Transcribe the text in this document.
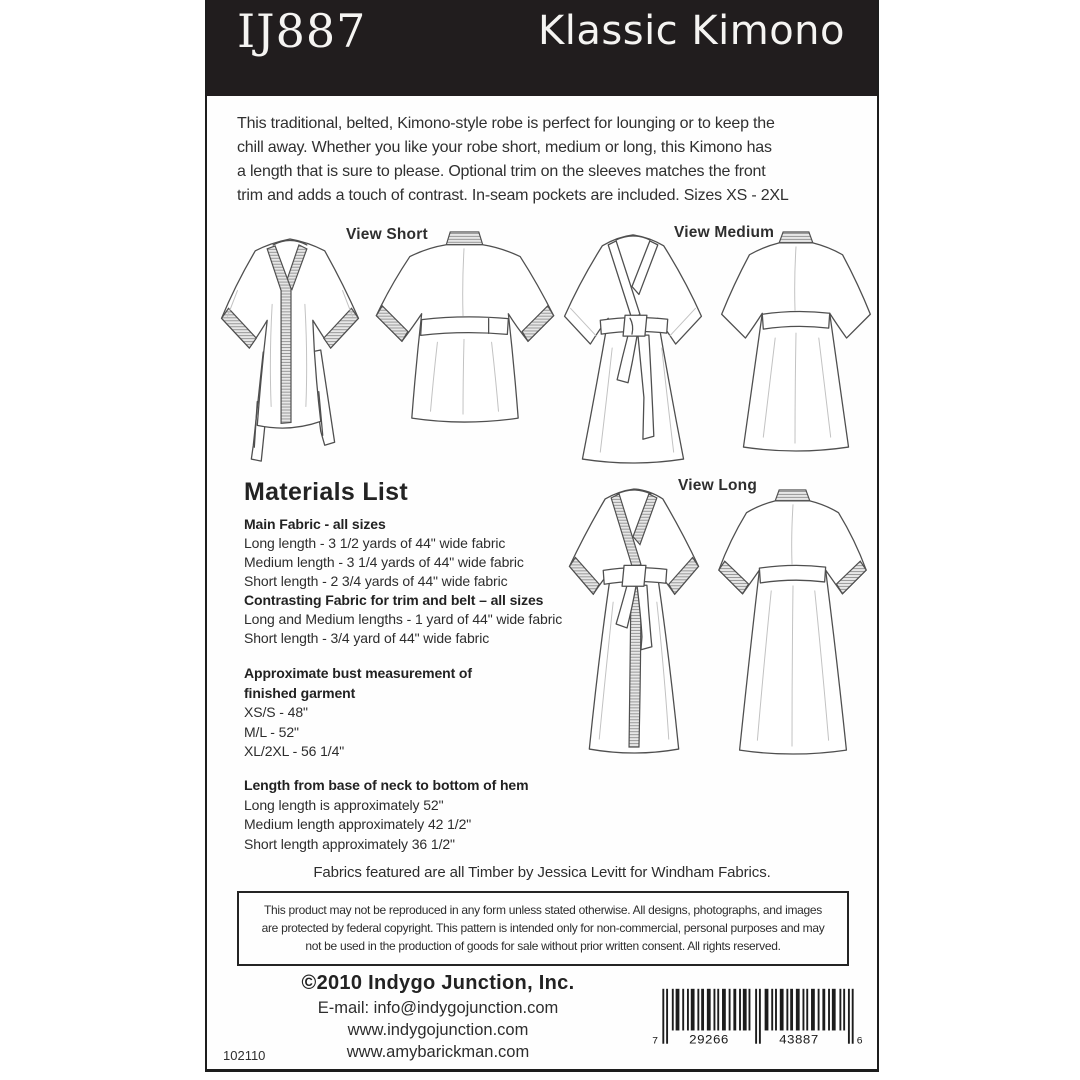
IJ887	Klassic Kimono
This traditional, belted, Kimono-style robe is perfect for lounging or to keep the
chill away. Whether you like your robe short, medium or long, this Kimono has
a length that is sure to please. Optional trim on the sleeves matches the front
trim and adds a touch of contrast. In-seam pockets are included. Sizes XS - 2XL
View Short	View Medium
View Long
Materials List
Main Fabric - all sizes
Long length - 3 1/2 yards of 44" wide fabric
Medium length - 3 1/4 yards of 44" wide fabric
Short length - 2 3/4 yards of 44" wide fabric
Contrasting Fabric for trim and belt – all sizes
Long and Medium lengths - 1 yard of 44" wide fabric
Short length - 3/4 yard of 44" wide fabric
Approximate bust measurement of
finished garment
XS/S - 48"
M/L - 52"
XL/2XL - 56 1/4"
Length from base of neck to bottom of hem
Long length is approximately 52"
Medium length approximately 42 1/2"
Short length approximately 36 1/2"
Fabrics featured are all Timber by Jessica Levitt for Windham Fabrics.
This product may not be reproduced in any form unless stated otherwise. All designs, photographs, and images
are protected by federal copyright. This pattern is intended only for non-commercial, personal purposes and may
not be used in the production of goods for sale without prior written consent. All rights reserved.
©2010 Indygo Junction, Inc.
E-mail: info@indygojunction.com
www.indygojunction.com
www.amybarickman.com
102110
7 29266	43887	6
